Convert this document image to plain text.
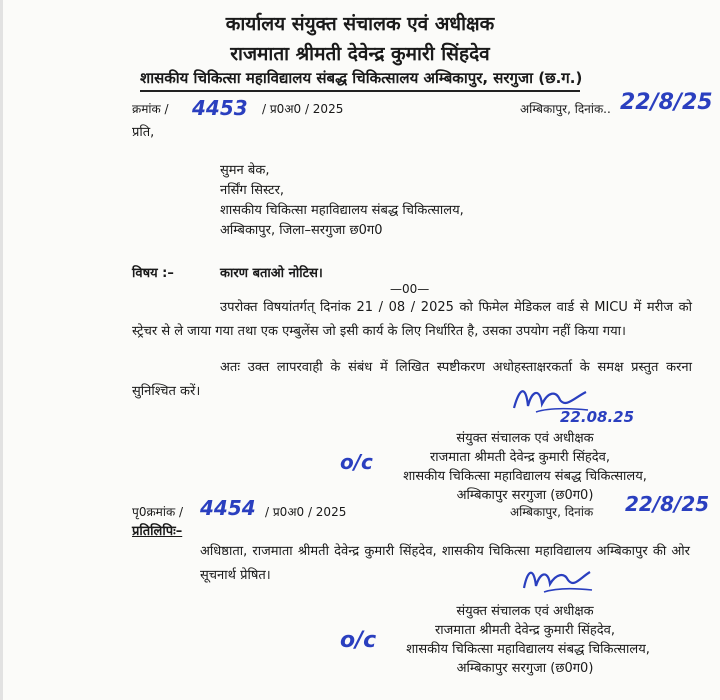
कार्यालय संयुक्त संचालक एवं अधीक्षक
राजमाता श्रीमती देवेन्द्र कुमारी सिंहदेव
शासकीय चिकित्सा महाविद्यालय संबद्ध चिकित्सालय अम्बिकापुर, सरगुजा (छ.ग.)
क्रमांक / 4453 / प्र0अ0 / 2025	अम्बिकापुर, दिनांक.. 22/8/25
प्रति,
सुमन बेक,
नर्सिंग सिस्टर,
शासकीय चिकित्सा महाविद्यालय संबद्ध चिकित्सालय,
अम्बिकापुर, जिला–सरगुजा छ0ग0
विषय :–	कारण बताओ नोटिस।
—00—
उपरोक्त विषयांतर्गत् दिनांक 21 / 08 / 2025 को फिमेल मेडिकल वार्ड से MICU में मरीज को स्ट्रेचर से ले जाया गया तथा एक एम्बुलेंस जो इसी कार्य के लिए निर्धारित है, उसका उपयोग नहीं किया गया।
अतः उक्त लापरवाही के संबंध में लिखित स्पष्टीकरण अधोहस्ताक्षरकर्ता के समक्ष प्रस्तुत करना सुनिश्चित करें।
22.08.25
संयुक्त संचालक एवं अधीक्षक
राजमाता श्रीमती देवेन्द्र कुमारी सिंहदेव,
o/c
शासकीय चिकित्सा महाविद्यालय संबद्ध चिकित्सालय,
अम्बिकापुर सरगुजा (छ0ग0)
पृ0क्रमांक / 4454 / प्र0अ0 / 2025	अम्बिकापुर, दिनांक 22/8/25
प्रतिलिपिः–
अधिष्ठाता, राजमाता श्रीमती देवेन्द्र कुमारी सिंहदेव, शासकीय चिकित्सा महाविद्यालय अम्बिकापुर की ओर सूचनार्थ प्रेषित।
संयुक्त संचालक एवं अधीक्षक
राजमाता श्रीमती देवेन्द्र कुमारी सिंहदेव,
o/c	शासकीय चिकित्सा महाविद्यालय संबद्ध चिकित्सालय,
अम्बिकापुर सरगुजा (छ0ग0)
